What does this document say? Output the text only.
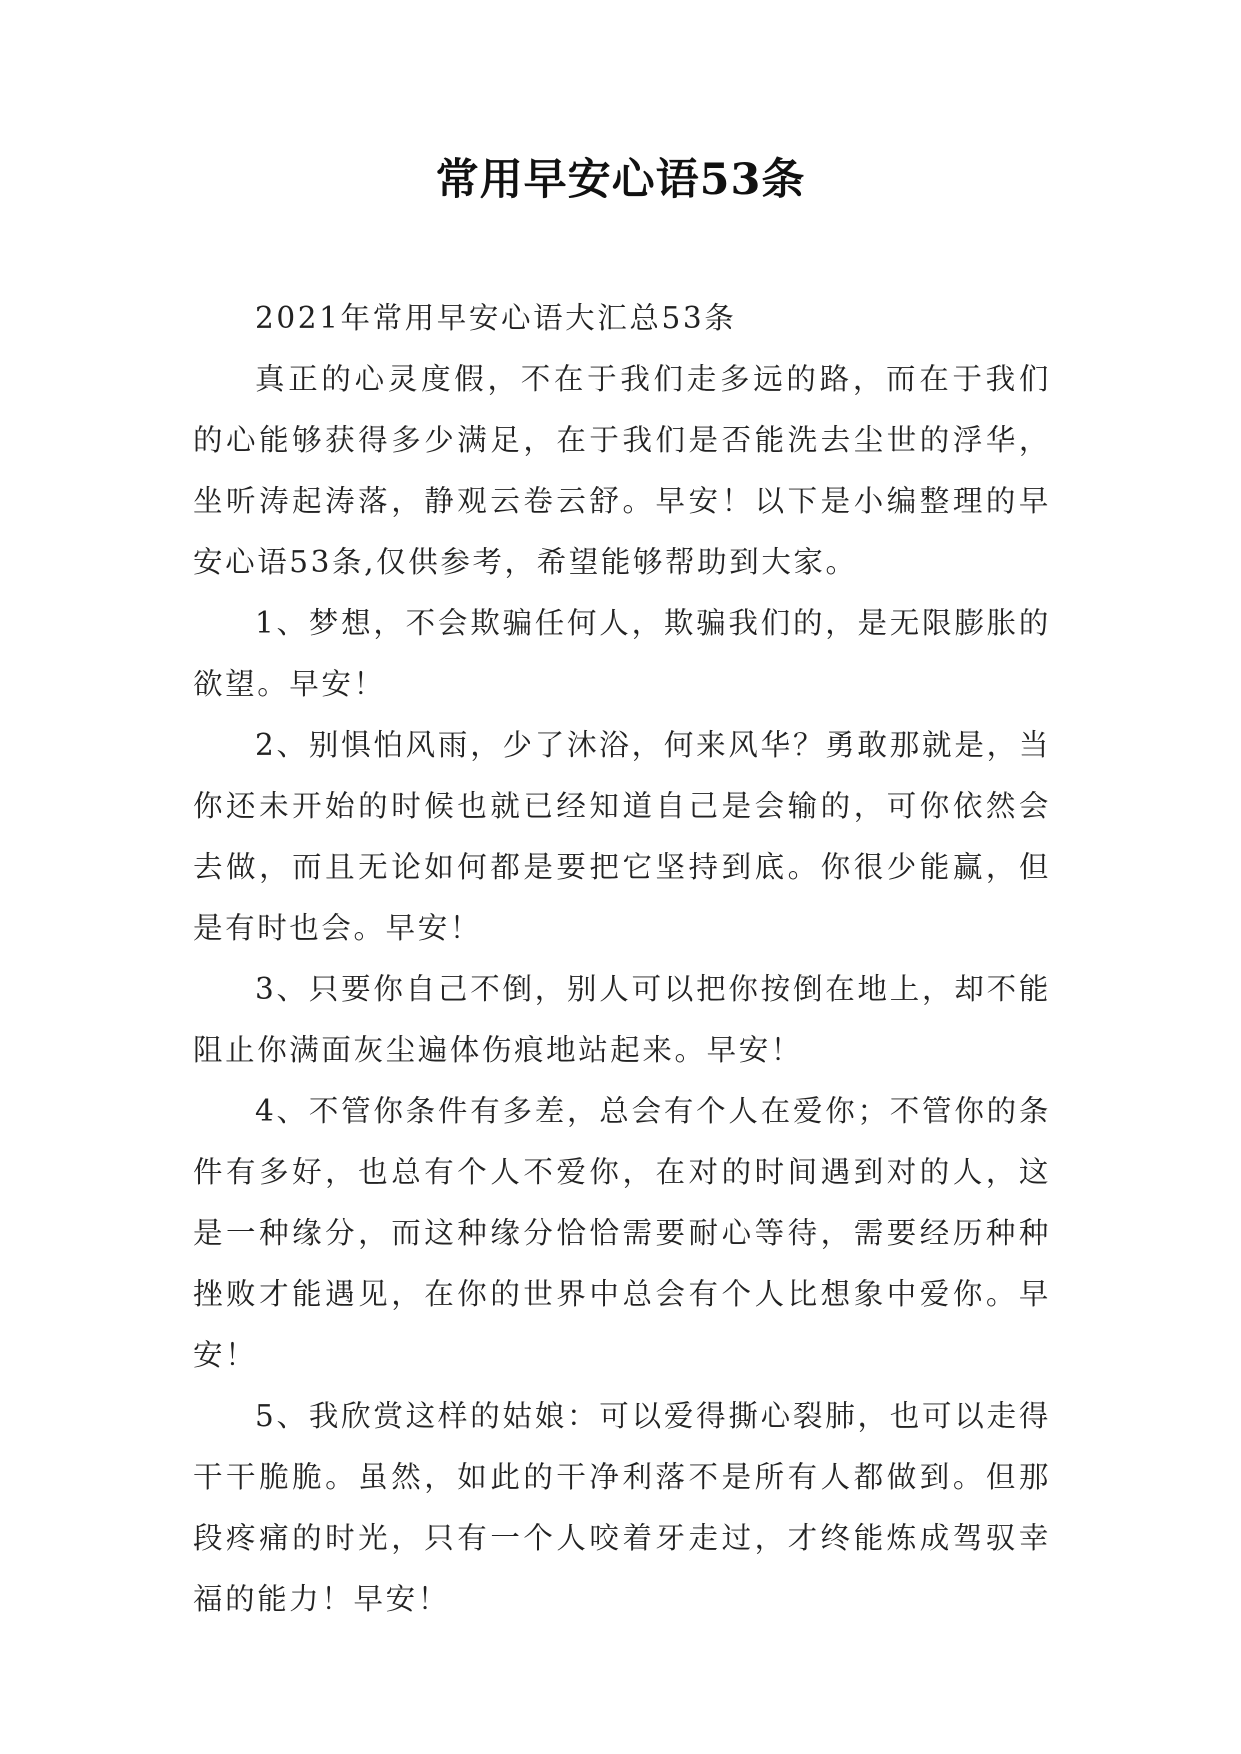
常用早安心语53条

2021年常用早安心语大汇总53条

真正的心灵度假，不在于我们走多远的路，而在于我们的心能够获得多少满足，在于我们是否能洗去尘世的浮华，坐听涛起涛落，静观云卷云舒。早安！以下是小编整理的早安心语53条,仅供参考，希望能够帮助到大家。

1、梦想，不会欺骗任何人，欺骗我们的，是无限膨胀的欲望。早安！

2、别惧怕风雨，少了沐浴，何来风华？勇敢那就是，当你还未开始的时候也就已经知道自己是会输的，可你依然会去做，而且无论如何都是要把它坚持到底。你很少能赢，但是有时也会。早安！

3、只要你自己不倒，别人可以把你按倒在地上，却不能阻止你满面灰尘遍体伤痕地站起来。早安！

4、不管你条件有多差，总会有个人在爱你；不管你的条件有多好，也总有个人不爱你，在对的时间遇到对的人，这是一种缘分，而这种缘分恰恰需要耐心等待，需要经历种种挫败才能遇见，在你的世界中总会有个人比想象中爱你。早安！

5、我欣赏这样的姑娘：可以爱得撕心裂肺，也可以走得干干脆脆。虽然，如此的干净利落不是所有人都做到。但那段疼痛的时光，只有一个人咬着牙走过，才终能炼成驾驭幸福的能力！早安！
